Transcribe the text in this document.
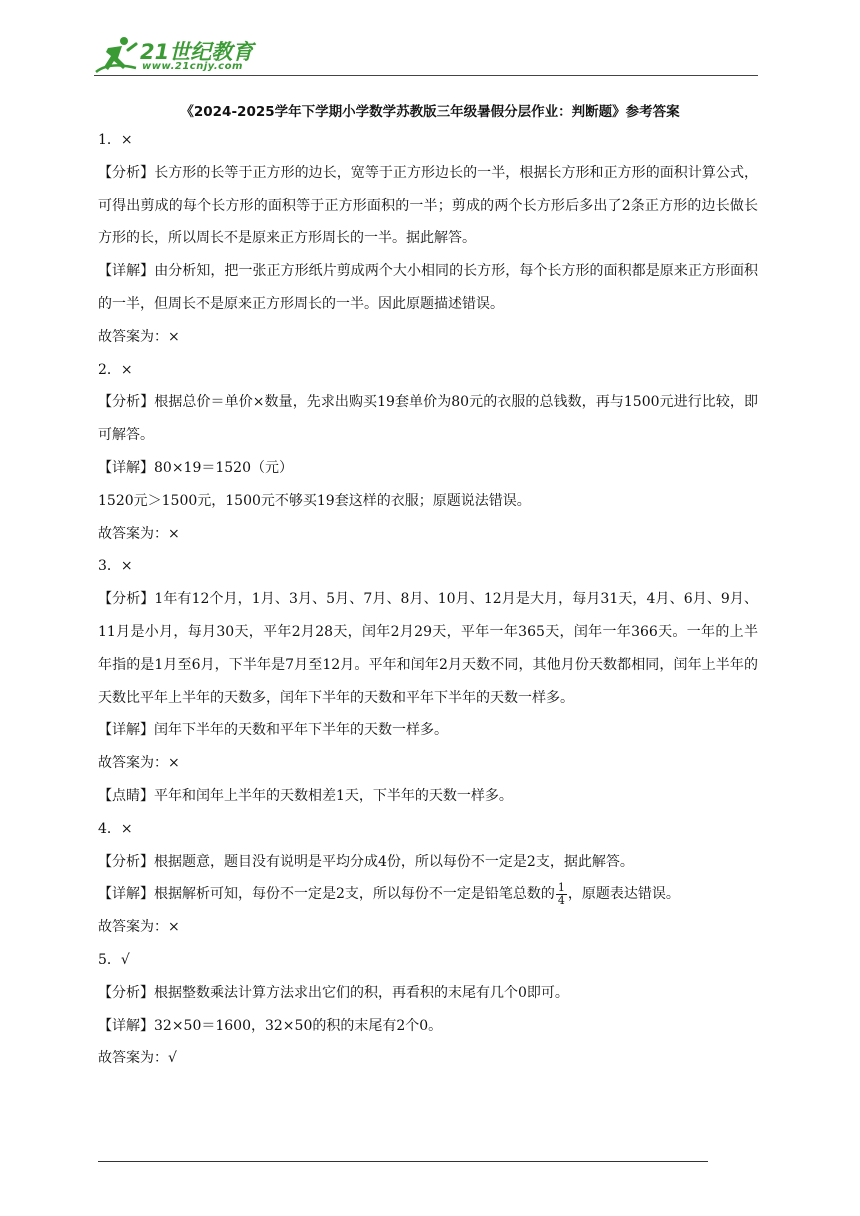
21世纪教育
www.21cnjy.com
《2024-2025学年下学期小学数学苏教版三年级暑假分层作业：判断题》参考答案

1．×

【分析】长方形的长等于正方形的边长，宽等于正方形边长的一半，根据长方形和正方形的面积计算公式，可得出剪成的每个长方形的面积等于正方形面积的一半；剪成的两个长方形后多出了2条正方形的边长做长方形的长，所以周长不是原来正方形周长的一半。据此解答。

【详解】由分析知，把一张正方形纸片剪成两个大小相同的长方形，每个长方形的面积都是原来正方形面积的一半，但周长不是原来正方形周长的一半。因此原题描述错误。

故答案为：×

2．×

【分析】根据总价＝单价×数量，先求出购买19套单价为80元的衣服的总钱数，再与1500元进行比较，即可解答。

【详解】80×19＝1520（元）

1520元＞1500元，1500元不够买19套这样的衣服；原题说法错误。

故答案为：×

3．×

【分析】1年有12个月，1月、3月、5月、7月、8月、10月、12月是大月，每月31天，4月、6月、9月、11月是小月，每月30天，平年2月28天，闰年2月29天，平年一年365天，闰年一年366天。一年的上半年指的是1月至6月，下半年是7月至12月。平年和闰年2月天数不同，其他月份天数都相同，闰年上半年的天数比平年上半年的天数多，闰年下半年的天数和平年下半年的天数一样多。

【详解】闰年下半年的天数和平年下半年的天数一样多。

故答案为：×

【点睛】平年和闰年上半年的天数相差1天，下半年的天数一样多。

4．×

【分析】根据题意，题目没有说明是平均分成4份，所以每份不一定是2支，据此解答。

【详解】根据解析可知，每份不一定是2支，所以每份不一定是铅笔总数的 $\frac{1}{4}$ ，原题表达错误。

故答案为：×

5．√

【分析】根据整数乘法计算方法求出它们的积，再看积的末尾有几个0即可。

【详解】32×50＝1600，32×50的积的末尾有2个0。

故答案为：√
